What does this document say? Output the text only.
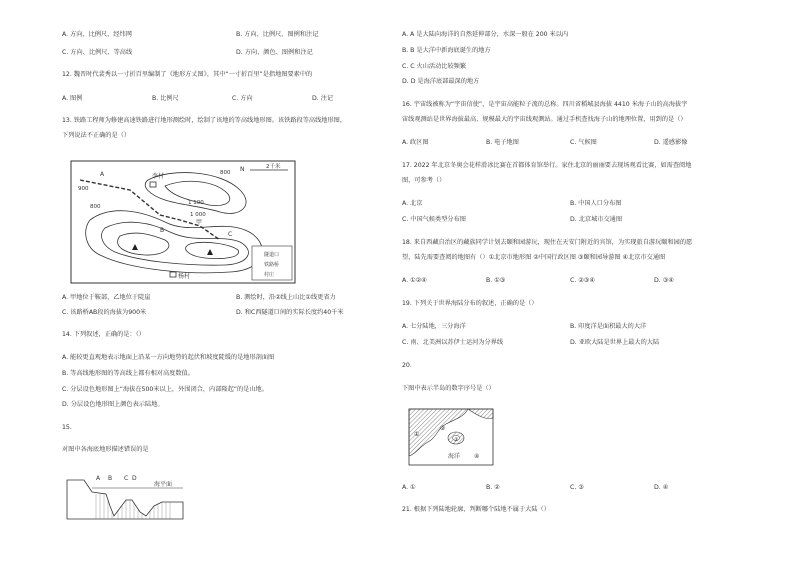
A. 方向、比例尺、经纬网	B. 方向、比例尺、图例和注记
C. 方向、比例尺、等高线	D. 方向、颜色、图例和注记
12. 魏晋时代裴秀以一寸折百里编制了《地形方丈图》，其中“一寸折百里”是指地图要素中的
A. 图例	B. 比例尺	C. 方向	D. 注记
13. 铁路工程师为修建高速铁路进行地形测绘时，绘制了该地的等高线地形图。该铁路段等高线地形图，
下列说法不正确的是（）
A
900
800
李村	800
1 000
1 100
B
甲
C
杨村
N	2千米
隧道口
铁路桥
村庄
A. 甲地位于鞍部，乙地位于陡崖	B. 测绘时，沿②线上山比①线更省力
C. 该路桥AB段的海拔为900米	D. 和C西隧道口间的实际长度约40千米
14. 下列叙述，正确的是：（）
A. 能较更直观地表示地面上沿某一方向地势的起伏和坡度陡缓的是地形剖面图
B. 等高线地形图的等高线上都有相对高度数值。
C. 分层设色地形图上“海拔在500米以上，外围闭合，内部隆起”的是山地。
D. 分层设色地形图上颜色表示陆地。
15.
对图中各海底地形描述错误的是
A B C D
海平面
A. A 是大陆向海洋的自然延伸部分，水深一般在 200 米以内
B. B 是大洋中新海底诞生的地方
C. C 火山活动比较频繁
D. D 是海洋底部最深的地方
16. 宇宙线被称为“宇宙信使”，是宇宙高能粒子流的总称。四川省稻城县海拔 4410 米海子山的高海拔宇
宙线观测站是世界海拔最高、规模最大的宇宙线观测站。通过手机查找海子山的地理位置，用到的是（）
A. 政区图	B. 电子地图	C. 气候图	D. 遥感影像
17. 2022 年北京冬奥会花样滑冰比赛在首都体育馆举行。家住北京的丽丽要去现场观看比赛，如需查阅地
图，可参考（）
A. 北京	B. 中国人口分布图
C. 中国气候类型分布图	D. 北京城市交通图
18. 来自西藏自治区的藏族同学计划去颐和园游玩，现住在天安门附近的宾馆，为实现旅自游玩颐和园的愿
望，陆先需要查阅的地图有（）①北京市地形图 ②中国行政区图 ③颐和园导游图 ④北京市交通图
A. ①②④	B. ①③	C. ②③④	D. ③④
19. 下列关于世界海陆分布的叙述，正确的是（）
A. 七分陆地，三分海洋	B. 印度洋是面积最大的大洋
C. 南、北美洲以苏伊士运河为分界线	D. 亚欧大陆是世界上最大的大陆
20.
下图中表示半岛的数字序号是（）
①
②
③
海洋 ④
A. ①	B. ②	C. ③	D. ④
21. 根据下列陆地轮廓，判断哪个陆地不属于大陆（）
